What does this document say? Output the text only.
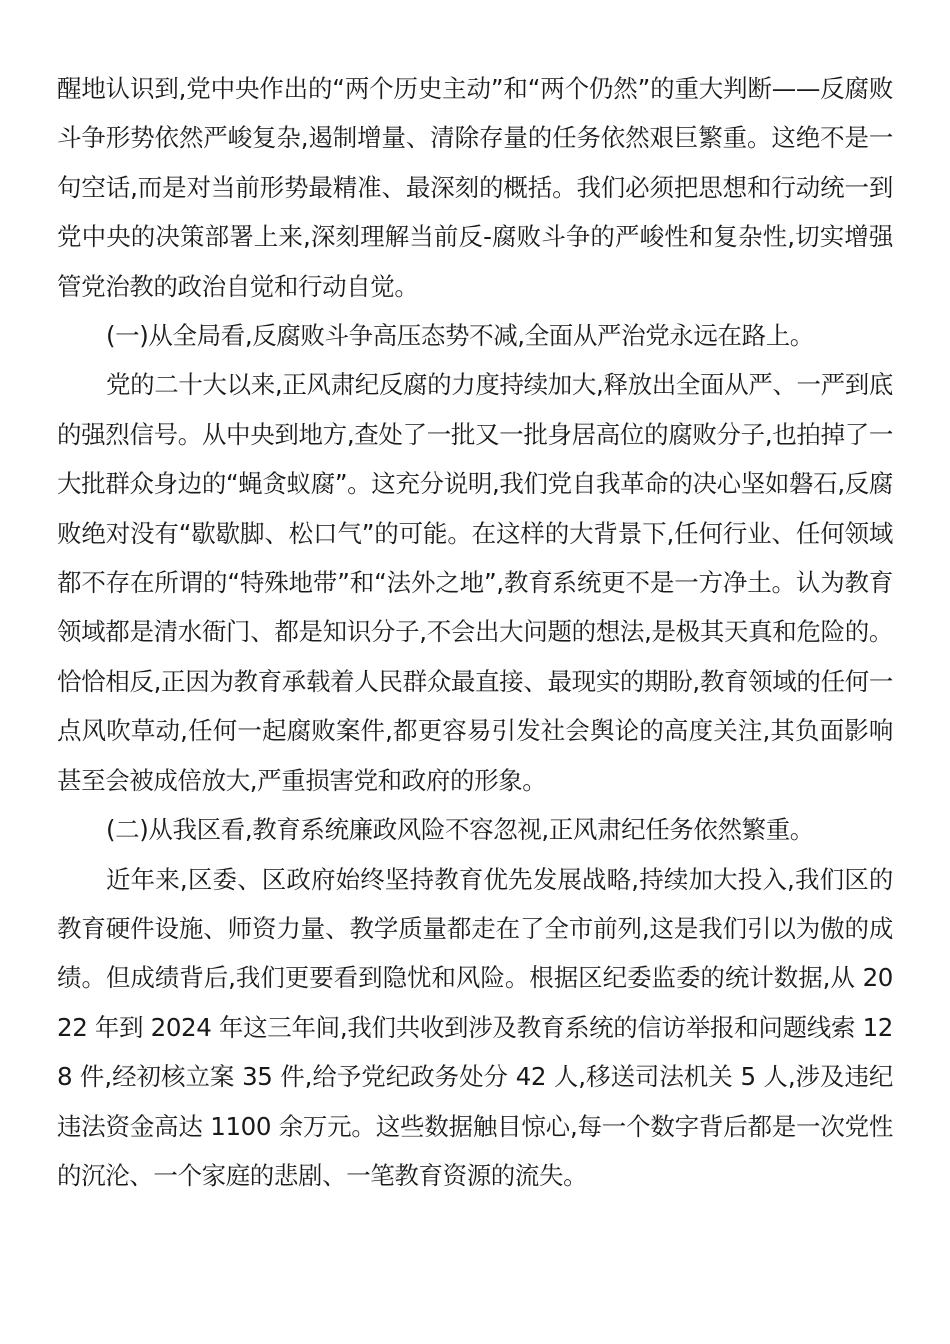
醒地认识到,党中央作出的“两个历史主动”和“两个仍然”的重大判断——反腐败斗争形势依然严峻复杂,遏制增量、清除存量的任务依然艰巨繁重。这绝不是一句空话,而是对当前形势最精准、最深刻的概括。我们必须把思想和行动统一到党中央的决策部署上来,深刻理解当前反-腐败斗争的严峻性和复杂性,切实增强管党治教的政治自觉和行动自觉。

(一)从全局看,反腐败斗争高压态势不减,全面从严治党永远在路上。

党的二十大以来,正风肃纪反腐的力度持续加大,释放出全面从严、一严到底的强烈信号。从中央到地方,查处了一批又一批身居高位的腐败分子,也拍掉了一大批群众身边的“蝇贪蚁腐”。这充分说明,我们党自我革命的决心坚如磐石,反腐败绝对没有“歇歇脚、松口气”的可能。在这样的大背景下,任何行业、任何领域都不存在所谓的“特殊地带”和“法外之地”,教育系统更不是一方净土。认为教育领域都是清水衙门、都是知识分子,不会出大问题的想法,是极其天真和危险的。恰恰相反,正因为教育承载着人民群众最直接、最现实的期盼,教育领域的任何一点风吹草动,任何一起腐败案件,都更容易引发社会舆论的高度关注,其负面影响甚至会被成倍放大,严重损害党和政府的形象。

(二)从我区看,教育系统廉政风险不容忽视,正风肃纪任务依然繁重。

近年来,区委、区政府始终坚持教育优先发展战略,持续加大投入,我们区的教育硬件设施、师资力量、教学质量都走在了全市前列,这是我们引以为傲的成绩。但成绩背后,我们更要看到隐忧和风险。根据区纪委监委的统计数据,从 2022 年到 2024 年这三年间,我们共收到涉及教育系统的信访举报和问题线索 128 件,经初核立案 35 件,给予党纪政务处分 42 人,移送司法机关 5 人,涉及违纪违法资金高达 1100 余万元。这些数据触目惊心,每一个数字背后都是一次党性的沉沦、一个家庭的悲剧、一笔教育资源的流失。
